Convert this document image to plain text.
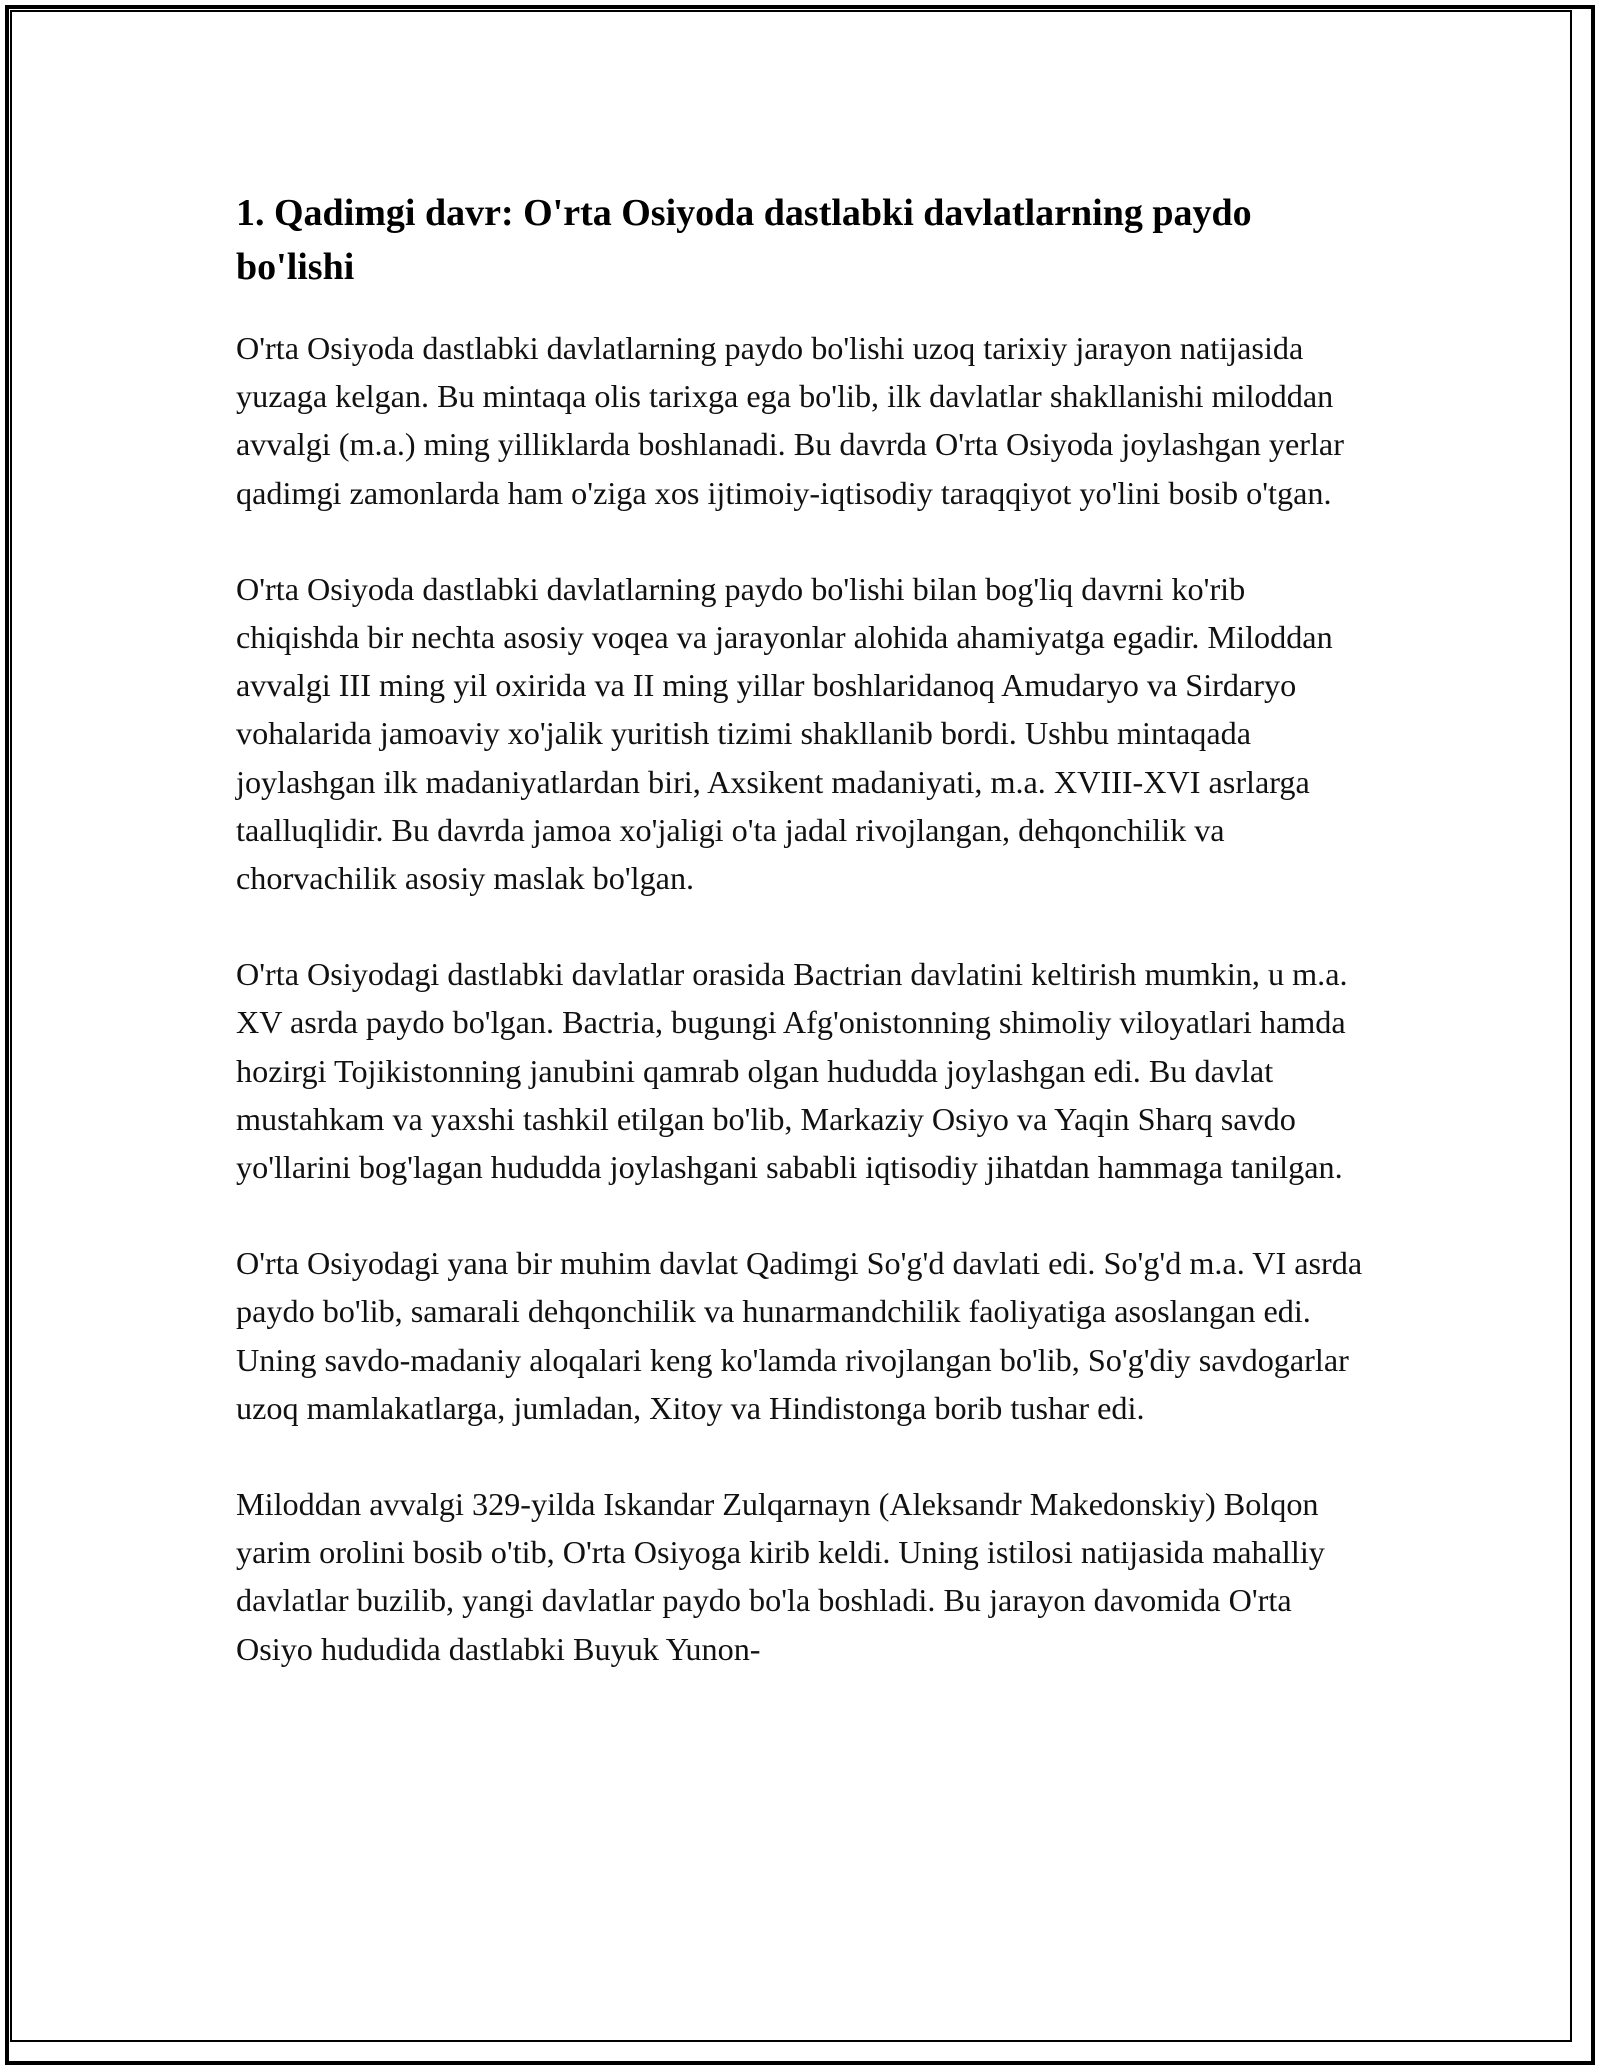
1. Qadimgi davr: O'rta Osiyoda dastlabki davlatlarning paydo bo'lishi

O'rta Osiyoda dastlabki davlatlarning paydo bo'lishi uzoq tarixiy jarayon natijasida yuzaga kelgan. Bu mintaqa olis tarixga ega bo'lib, ilk davlatlar shakllanishi miloddan avvalgi (m.a.) ming yilliklarda boshlanadi. Bu davrda O'rta Osiyoda joylashgan yerlar qadimgi zamonlarda ham o'ziga xos ijtimoiy-iqtisodiy taraqqiyot yo'lini bosib o'tgan.

O'rta Osiyoda dastlabki davlatlarning paydo bo'lishi bilan bog'liq davrni ko'rib chiqishda bir nechta asosiy voqea va jarayonlar alohida ahamiyatga egadir. Miloddan avvalgi III ming yil oxirida va II ming yillar boshlaridanoq Amudaryo va Sirdaryo vohalarida jamoaviy xo'jalik yuritish tizimi shakllanib bordi. Ushbu mintaqada joylashgan ilk madaniyatlardan biri, Axsikent madaniyati, m.a. XVIII-XVI asrlarga taalluqlidir. Bu davrda jamoa xo'jaligi o'ta jadal rivojlangan, dehqonchilik va chorvachilik asosiy maslak bo'lgan.

O'rta Osiyodagi dastlabki davlatlar orasida Bactrian davlatini keltirish mumkin, u m.a. XV asrda paydo bo'lgan. Bactria, bugungi Afg'onistonning shimoliy viloyatlari hamda hozirgi Tojikistonning janubini qamrab olgan hududda joylashgan edi. Bu davlat mustahkam va yaxshi tashkil etilgan bo'lib, Markaziy Osiyo va Yaqin Sharq savdo yo'llarini bog'lagan hududda joylashgani sababli iqtisodiy jihatdan hammaga tanilgan.

O'rta Osiyodagi yana bir muhim davlat Qadimgi So'g'd davlati edi. So'g'd m.a. VI asrda paydo bo'lib, samarali dehqonchilik va hunarmandchilik faoliyatiga asoslangan edi. Uning savdo-madaniy aloqalari keng ko'lamda rivojlangan bo'lib, So'g'diy savdogarlar uzoq mamlakatlarga, jumladan, Xitoy va Hindistonga borib tushar edi.

Miloddan avvalgi 329-yilda Iskandar Zulqarnayn (Aleksandr Makedonskiy) Bolqon yarim orolini bosib o'tib, O'rta Osiyoga kirib keldi. Uning istilosi natijasida mahalliy davlatlar buzilib, yangi davlatlar paydo bo'la boshladi. Bu jarayon davomida O'rta Osiyo hududida dastlabki Buyuk Yunon-
